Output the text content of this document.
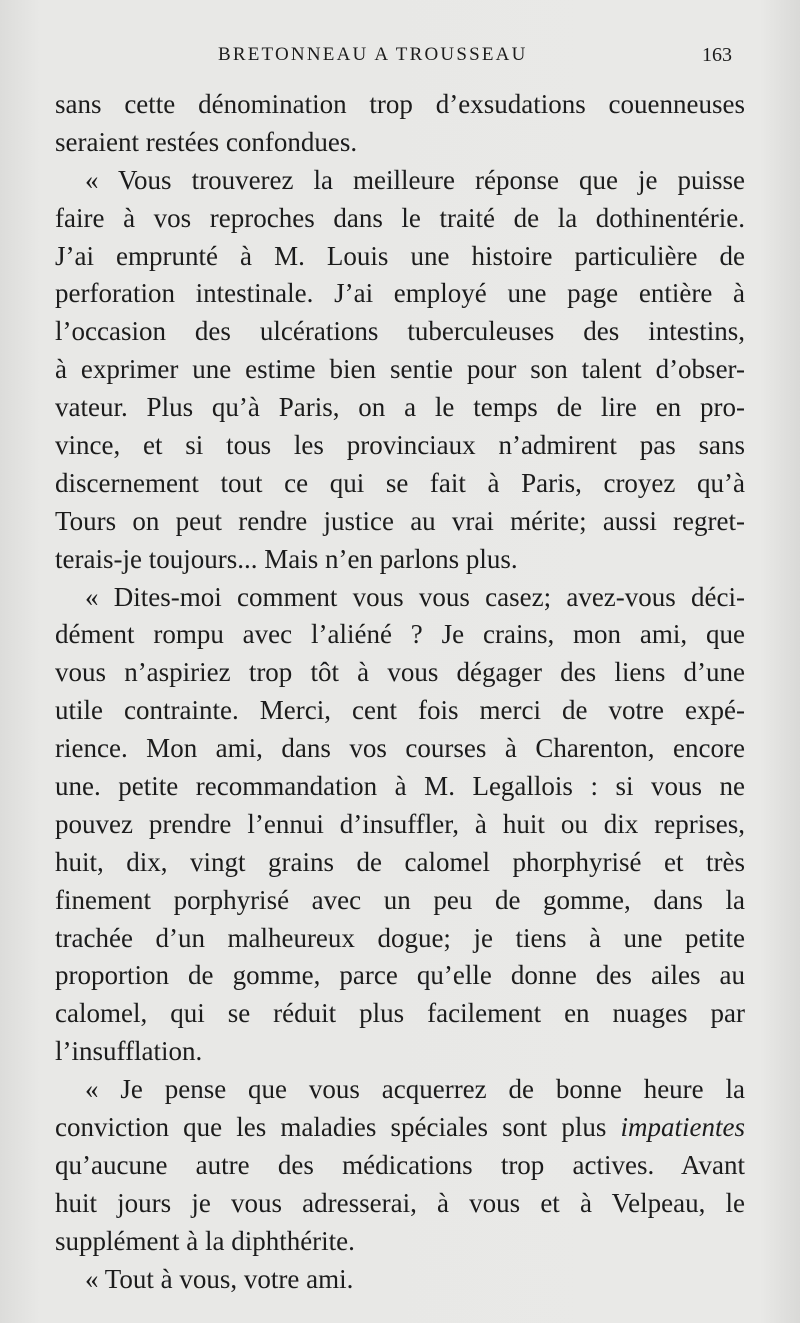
BRETONNEAU A TROUSSEAU	163
sans cette dénomination trop d’exsudations couenneuses
seraient restées confondues.
« Vous trouverez la meilleure réponse que je puisse
faire à vos reproches dans le traité de la dothinentérie.
J’ai emprunté à M. Louis une histoire particulière de
perforation intestinale. J’ai employé une page entière à
l’occasion des ulcérations tuberculeuses des intestins,
à exprimer une estime bien sentie pour son talent d’obser-
vateur. Plus qu’à Paris, on a le temps de lire en pro-
vince, et si tous les provinciaux n’admirent pas sans
discernement tout ce qui se fait à Paris, croyez qu’à
Tours on peut rendre justice au vrai mérite; aussi regret-
terais-je toujours... Mais n’en parlons plus.
« Dites-moi comment vous vous casez; avez-vous déci-
dément rompu avec l’aliéné ? Je crains, mon ami, que
vous n’aspiriez trop tôt à vous dégager des liens d’une
utile contrainte. Merci, cent fois merci de votre expé-
rience. Mon ami, dans vos courses à Charenton, encore
une. petite recommandation à M. Legallois : si vous ne
pouvez prendre l’ennui d’insuffler, à huit ou dix reprises,
huit, dix, vingt grains de calomel phorphyrisé et très
finement porphyrisé avec un peu de gomme, dans la
trachée d’un malheureux dogue; je tiens à une petite
proportion de gomme, parce qu’elle donne des ailes au
calomel, qui se réduit plus facilement en nuages par
l’insufflation.
« Je pense que vous acquerrez de bonne heure la
conviction que les maladies spéciales sont plus impatientes
qu’aucune autre des médications trop actives. Avant
huit jours je vous adresserai, à vous et à Velpeau, le
supplément à la diphthérite.
« Tout à vous, votre ami.
